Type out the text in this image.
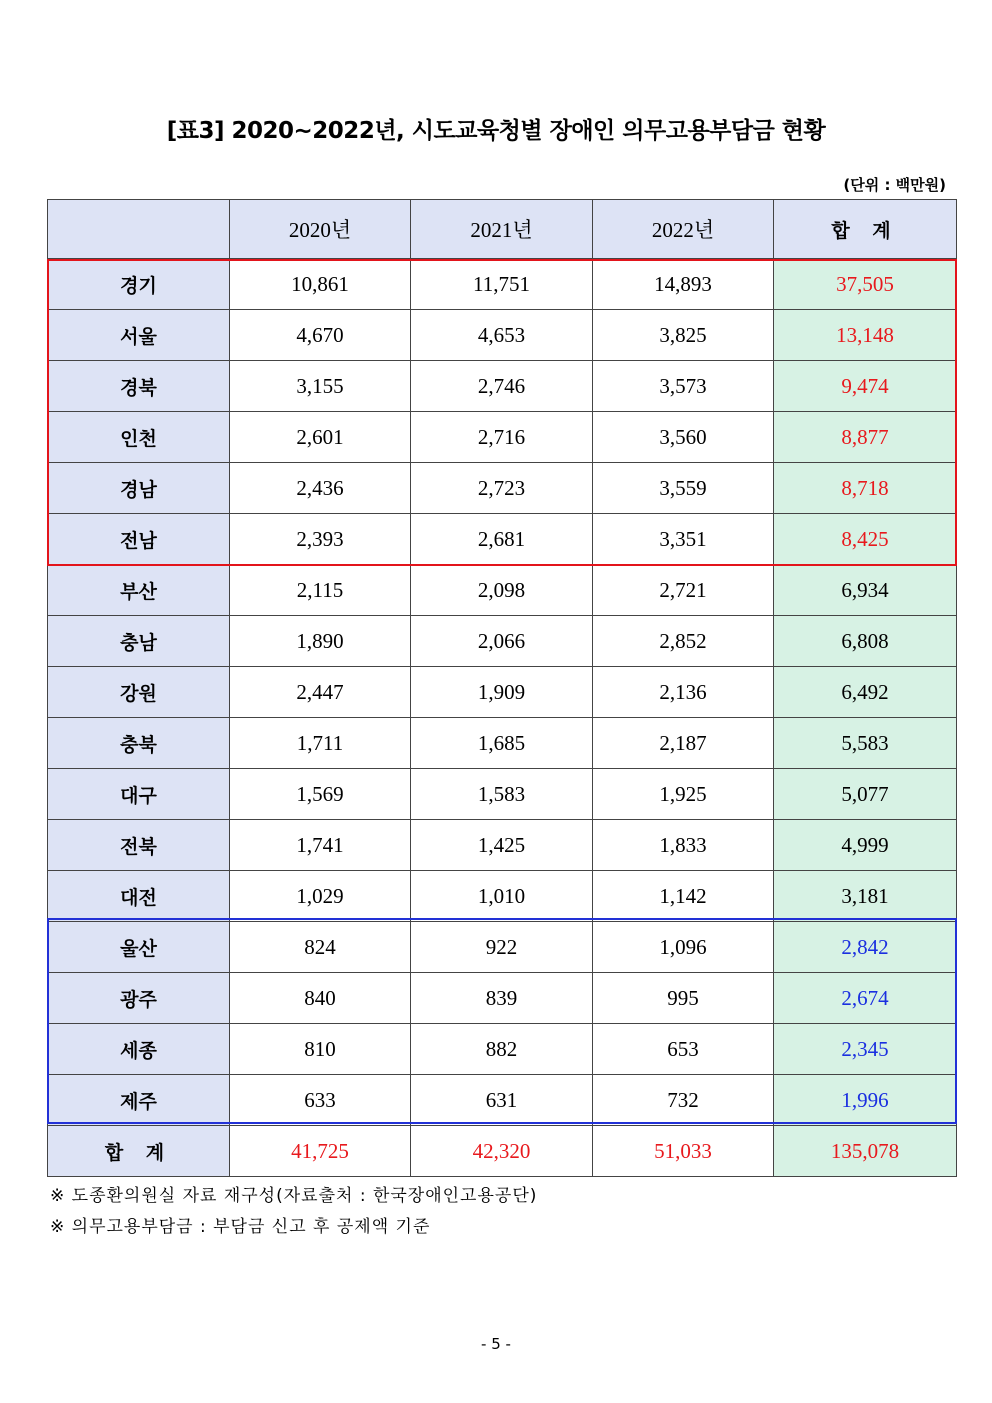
[표3] 2020~2022년, 시도교육청별 장애인 의무고용부담금 현황
(단위 : 백만원)
	2020년	2021년	2022년	합 계
경기	10,861	11,751	14,893	37,505
서울	4,670	4,653	3,825	13,148
경북	3,155	2,746	3,573	9,474
인천	2,601	2,716	3,560	8,877
경남	2,436	2,723	3,559	8,718
전남	2,393	2,681	3,351	8,425
부산	2,115	2,098	2,721	6,934
충남	1,890	2,066	2,852	6,808
강원	2,447	1,909	2,136	6,492
충북	1,711	1,685	2,187	5,583
대구	1,569	1,583	1,925	5,077
전북	1,741	1,425	1,833	4,999
대전	1,029	1,010	1,142	3,181
울산	824	922	1,096	2,842
광주	840	839	995	2,674
세종	810	882	653	2,345
제주	633	631	732	1,996
합 계	41,725	42,320	51,033	135,078
※ 도종환의원실 자료 재구성(자료출처 : 한국장애인고용공단)
※ 의무고용부담금 : 부담금 신고 후 공제액 기준
- 5 -
